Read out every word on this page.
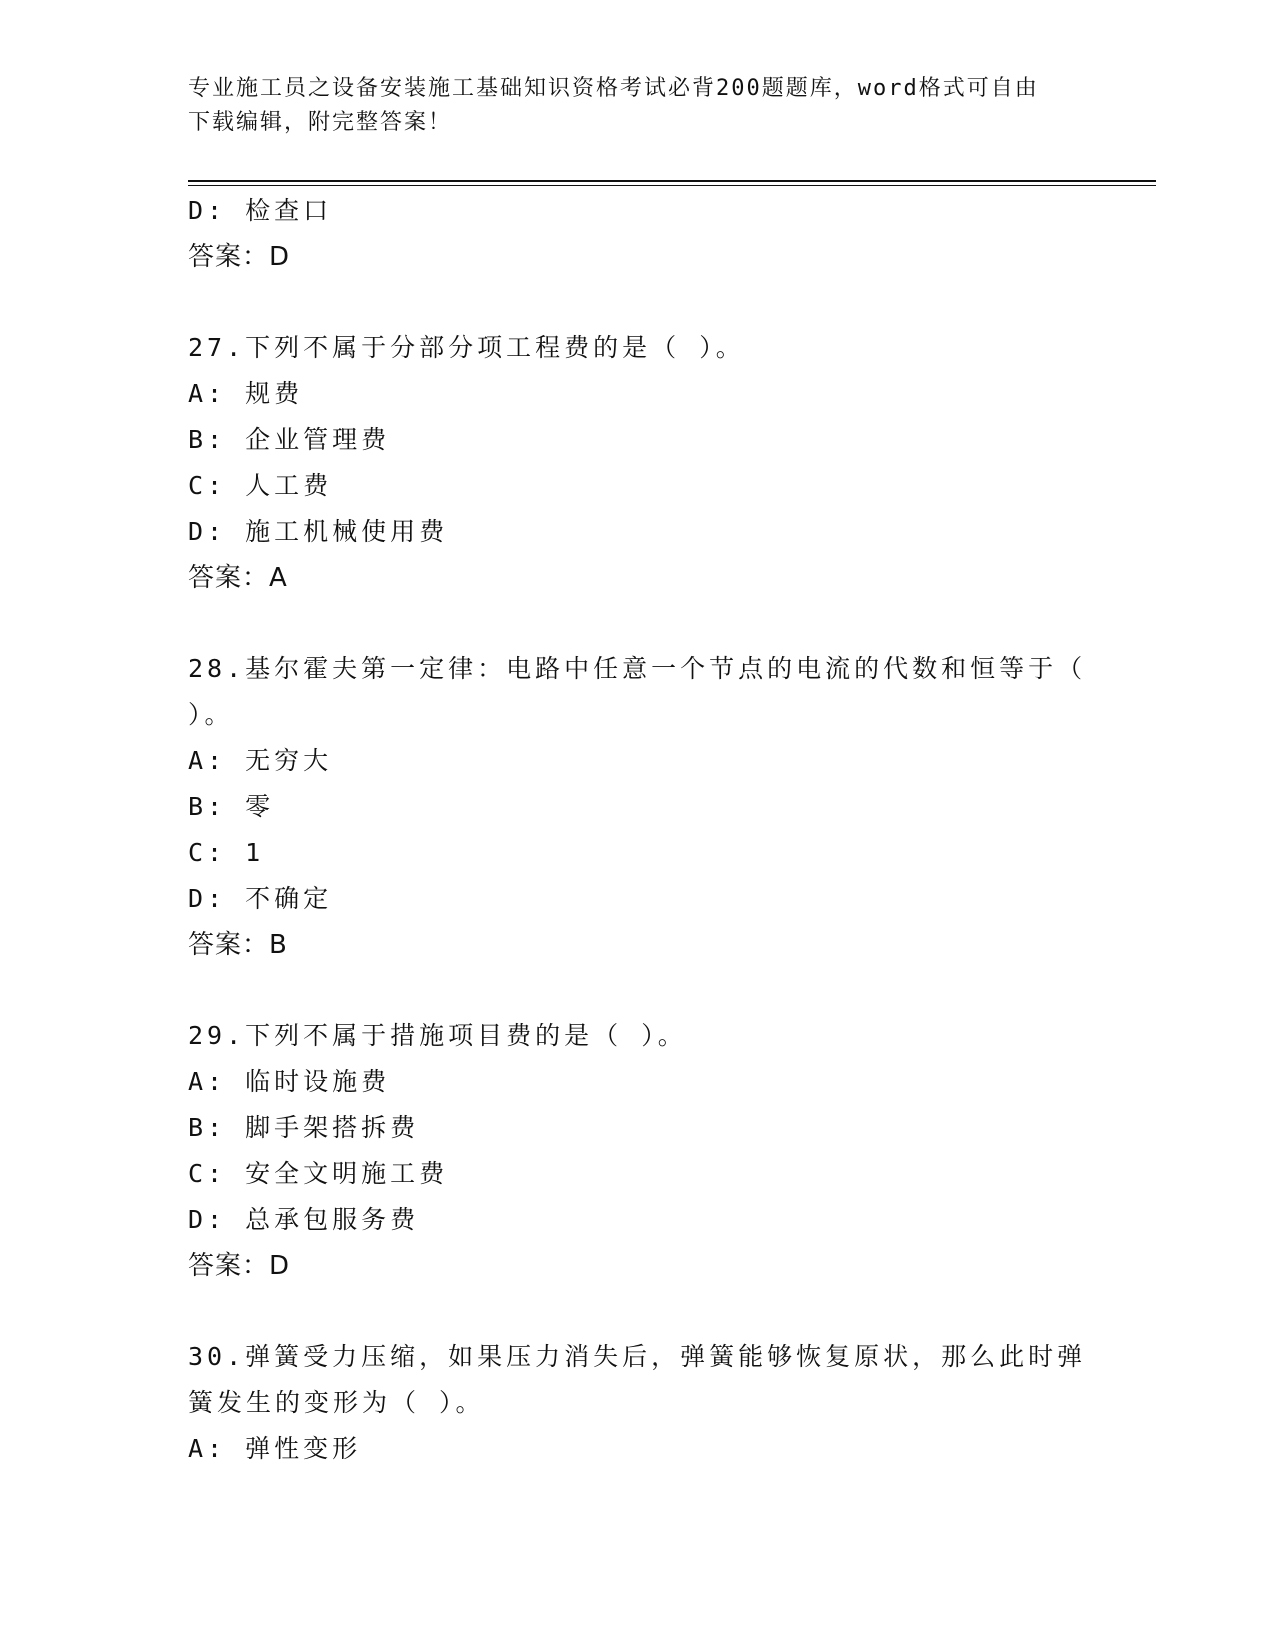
专业施工员之设备安装施工基础知识资格考试必背200题题库，word格式可自由
下载编辑，附完整答案！
D: 检查口
答案：D
27.下列不属于分部分项工程费的是（ ）。
A: 规费
B: 企业管理费
C: 人工费
D: 施工机械使用费
答案：A
28.基尔霍夫第一定律：电路中任意一个节点的电流的代数和恒等于（
）。
A: 无穷大
B: 零
C: 1
D: 不确定
答案：B
29.下列不属于措施项目费的是（ ）。
A: 临时设施费
B: 脚手架搭拆费
C: 安全文明施工费
D: 总承包服务费
答案：D
30.弹簧受力压缩，如果压力消失后，弹簧能够恢复原状，那么此时弹
簧发生的变形为（ ）。
A: 弹性变形
